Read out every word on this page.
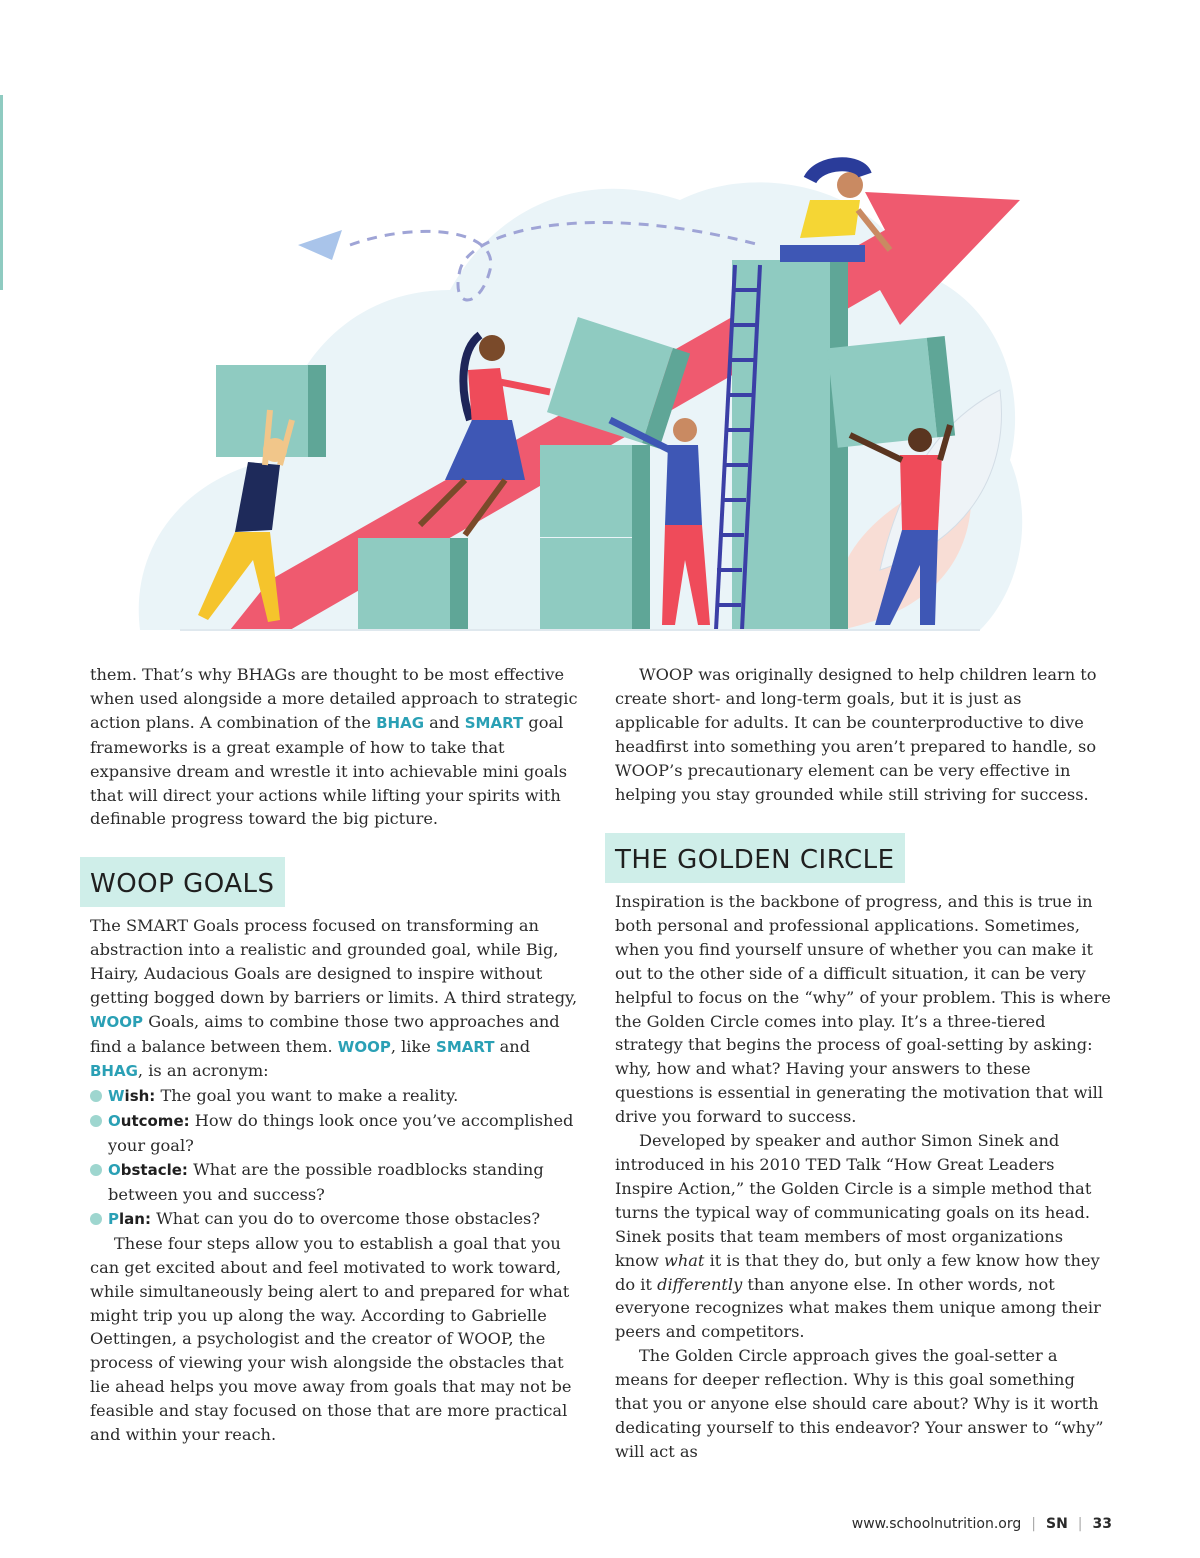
them. That’s why BHAGs are thought to be most effective when used alongside a more detailed approach to strategic action plans. A combination of the BHAG and SMART goal frameworks is a great example of how to take that expansive dream and wrestle it into achievable mini goals that will direct your actions while lifting your spirits with definable progress toward the big picture.

WOOP GOALS

The SMART Goals process focused on transforming an abstraction into a realistic and grounded goal, while Big, Hairy, Audacious Goals are designed to inspire without getting bogged down by barriers or limits. A third strategy, WOOP Goals, aims to combine those two approaches and find a balance between them. WOOP, like SMART and BHAG, is an acronym:

Wish: The goal you want to make a reality.
Outcome: How do things look once you’ve accomplished your goal?
Obstacle: What are the possible roadblocks standing between you and success?
Plan: What can you do to overcome those obstacles?

These four steps allow you to establish a goal that you can get excited about and feel motivated to work toward, while simultaneously being alert to and prepared for what might trip you up along the way. According to Gabrielle Oettingen, a psychologist and the creator of WOOP, the process of viewing your wish alongside the obstacles that lie ahead helps you move away from goals that may not be feasible and stay focused on those that are more practical and within your reach.

WOOP was originally designed to help children learn to create short- and long-term goals, but it is just as applicable for adults. It can be counterproductive to dive headfirst into something you aren’t prepared to handle, so WOOP’s precautionary element can be very effective in helping you stay grounded while still striving for success.

THE GOLDEN CIRCLE

Inspiration is the backbone of progress, and this is true in both personal and professional applications. Sometimes, when you find yourself unsure of whether you can make it out to the other side of a difficult situation, it can be very helpful to focus on the “why” of your problem. This is where the Golden Circle comes into play. It’s a three-tiered strategy that begins the process of goal-setting by asking: why, how and what? Having your answers to these questions is essential in generating the motivation that will drive you forward to success.

Developed by speaker and author Simon Sinek and introduced in his 2010 TED Talk “How Great Leaders Inspire Action,” the Golden Circle is a simple method that turns the typical way of communicating goals on its head. Sinek posits that team members of most organizations know what it is that they do, but only a few know how they do it differently than anyone else. In other words, not everyone recognizes what makes them unique among their peers and competitors.

The Golden Circle approach gives the goal-setter a means for deeper reflection. Why is this goal something that you or anyone else should care about? Why is it worth dedicating yourself to this endeavor? Your answer to “why” will act as

www.schoolnutrition.org | SN | 33
